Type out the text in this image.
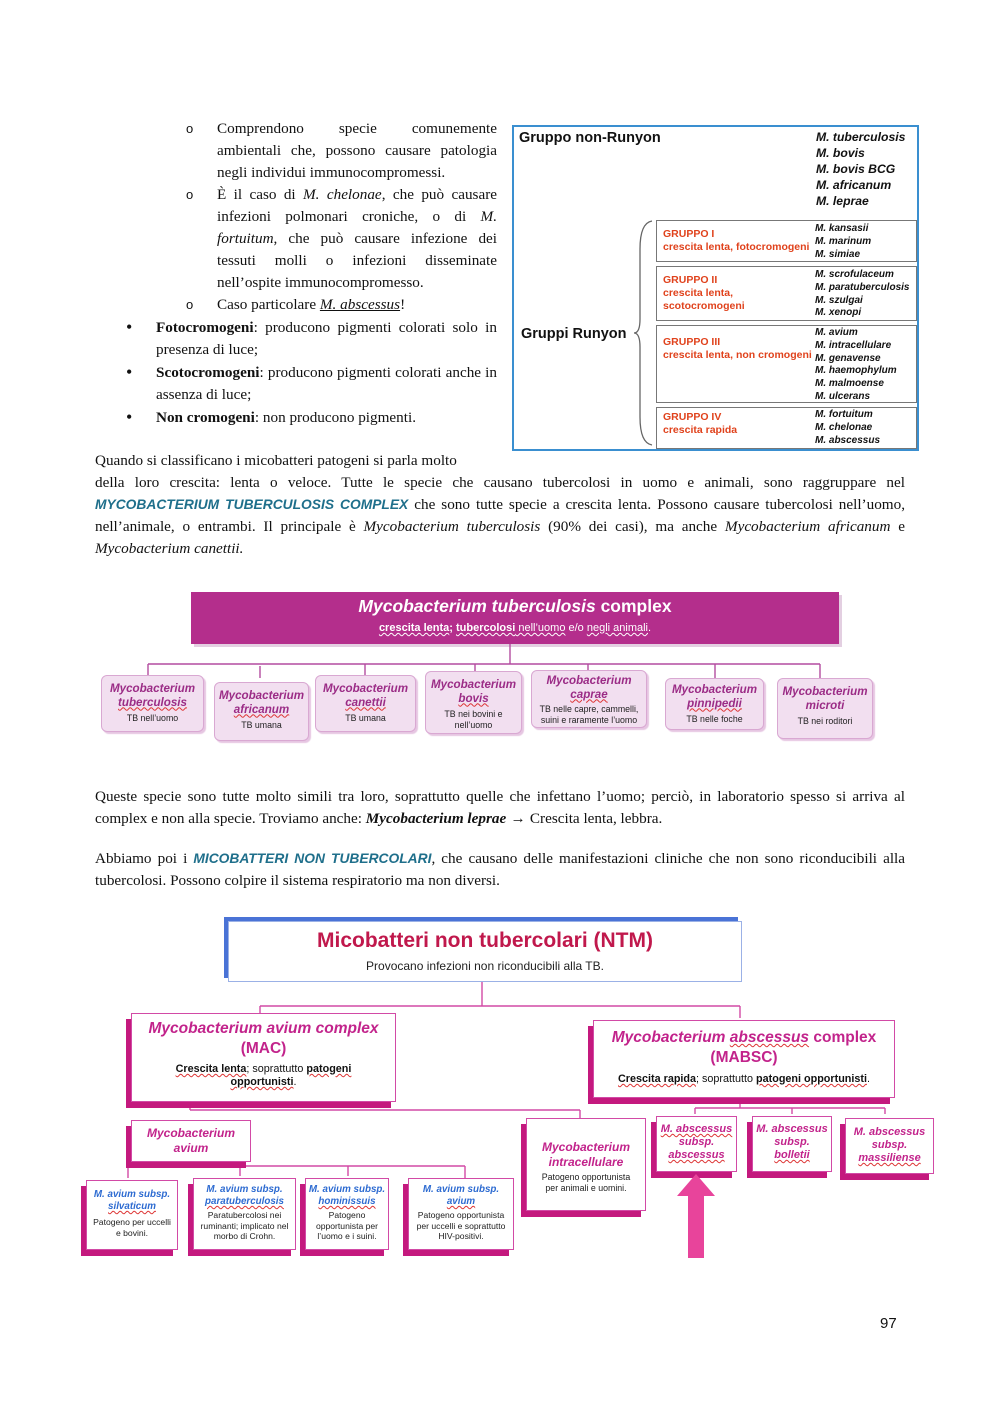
o Comprendono specie comunemente ambientali che, possono causare patologia negli individui immunocompromessi.
o È il caso di M. chelonae, che può causare infezioni polmonari croniche, o di M. fortuitum, che può causare infezione dei tessuti molli o infezioni disseminate nell’ospite immunocompromesso.
o Caso particolare M. abscessus!
• Fotocromogeni: producono pigmenti colorati solo in presenza di luce;
• Scotocromogeni: producono pigmenti colorati anche in assenza di luce;
• Non cromogeni: non producono pigmenti.
Gruppo non-Runyon	M. tuberculosis
M. bovis
M. bovis BCG
M. africanum
M. leprae
Gruppi Runyon
GRUPPO I
crescita lenta, fotocromogeni
M. kansasii
M. marinum
M. simiae
GRUPPO II
crescita lenta,
scotocromogeni
M. scrofulaceum
M. paratuberculosis
M. szulgai
M. xenopi
GRUPPO III
crescita lenta, non cromogeni
M. avium
M. intracellulare
M. genavense
M. haemophylum
M. malmoense
M. ulcerans
GRUPPO IV
crescita rapida
M. fortuitum
M. chelonae
M. abscessus
Quando si classificano i micobatteri patogeni si parla molto
della loro crescita: lenta o veloce. Tutte le specie che causano tubercolosi in uomo e animali, sono raggruppare nel MYCOBACTERIUM TUBERCULOSIS COMPLEX che sono tutte specie a crescita lenta. Possono causare tubercolosi nell’uomo, nell’animale, o entrambi. Il principale è Mycobacterium tuberculosis (90% dei casi), ma anche Mycobacterium africanum e Mycobacterium canettii.
Mycobacterium tuberculosis complex
crescita lenta; tubercolosi nell’uomo e/o negli animali.
Mycobacterium
tuberculosis
TB nell’uomo
Mycobacterium
africanum
TB umana
Mycobacterium
canettii
TB umana
Mycobacterium
bovis
TB nei bovini e
nell’uomo
Mycobacterium
caprae
TB nelle capre, cammelli,
suini e raramente l’uomo
Mycobacterium
pinnipedii
TB nelle foche
Mycobacterium
microti
TB nei roditori
Queste specie sono tutte molto simili tra loro, soprattutto quelle che infettano l’uomo; perciò, in laboratorio spesso si arriva al complex e non alla specie. Troviamo anche: Mycobacterium leprae → Crescita lenta, lebbra.
Abbiamo poi i MICOBATTERI NON TUBERCOLARI, che causano delle manifestazioni cliniche che non sono riconducibili alla tubercolosi. Possono colpire il sistema respiratorio ma non diversi.
Micobatteri non tubercolari (NTM)
Provocano infezioni non riconducibili alla TB.
Mycobacterium avium complex
(MAC)
Crescita lenta; soprattutto patogeni
opportunisti.
Mycobacterium abscessus complex
(MABSC)
Crescita rapida; soprattutto patogeni opportunisti.
Mycobacterium
avium	Mycobacterium
intracellulare
Patogeno opportunista
per animali e uomini.
M. abscessus
subsp.
abscessus
M. abscessus
subsp.
bolletii
M. abscessus
subsp.
massiliense
M. avium subsp.
silvaticum
Patogeno per uccelli
e bovini.
M. avium subsp.
paratuberculosis
Paratubercolosi nei
ruminanti; implicato nel
morbo di Crohn.
M. avium subsp.
hominissuis
Patogeno
opportunista per
l’uomo e i suini.
M. avium subsp.
avium
Patogeno opportunista
per uccelli e soprattutto
HIV-positivi.
97
